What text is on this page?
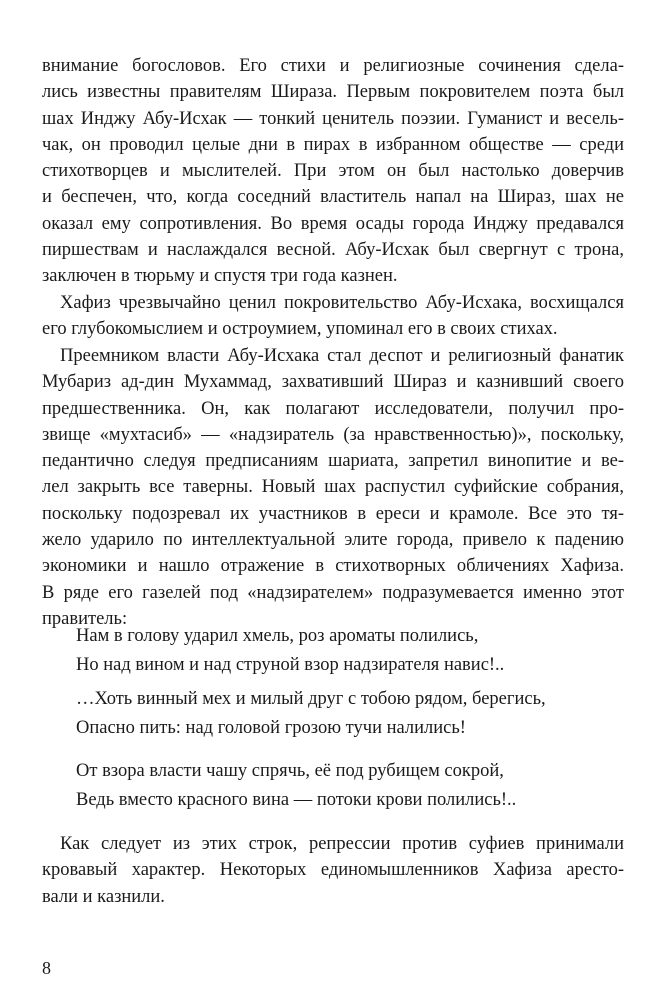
внимание богословов. Его стихи и религиозные сочинения сдела-
лись известны правителям Шираза. Первым покровителем поэта был
шах Инджу Абу-Исхак — тонкий ценитель поэзии. Гуманист и весель-
чак, он проводил целые дни в пирах в избранном обществе — среди
стихотворцев и мыслителей. При этом он был настолько доверчив
и беспечен, что, когда соседний властитель напал на Шираз, шах не
оказал ему сопротивления. Во время осады города Инджу предавался
пиршествам и наслаждался весной. Абу-Исхак был свергнут с трона,
заключен в тюрьму и спустя три года казнен.

Хафиз чрезвычайно ценил покровительство Абу-Исхака, восхищался
его глубокомыслием и остроумием, упоминал его в своих стихах.

Преемником власти Абу-Исхака стал деспот и религиозный фанатик
Мубариз ад-дин Мухаммад, захвативший Шираз и казнивший своего
предшественника. Он, как полагают исследователи, получил про-
звище «мухтасиб» — «надзиратель (за нравственностью)», поскольку,
педантично следуя предписаниям шариата, запретил винопитие и ве-
лел закрыть все таверны. Новый шах распустил суфийские собрания,
поскольку подозревал их участников в ереси и крамоле. Все это тя-
жело ударило по интеллектуальной элите города, привело к падению
экономики и нашло отражение в стихотворных обличениях Хафиза.
В ряде его газелей под «надзирателем» подразумевается именно этот
правитель:

Нам в голову ударил хмель, роз ароматы полились,
Но над вином и над струной взор надзирателя навис!..
…Хоть винный мех и милый друг с тобою рядом, берегись,
Опасно пить: над головой грозою тучи налились!
От взора власти чашу спрячь, её под рубищем сокрой,
Ведь вместо красного вина — потоки крови полились!..

Как следует из этих строк, репрессии против суфиев принимали
кровавый характер. Некоторых единомышленников Хафиза аресто-
вали и казнили.

8
